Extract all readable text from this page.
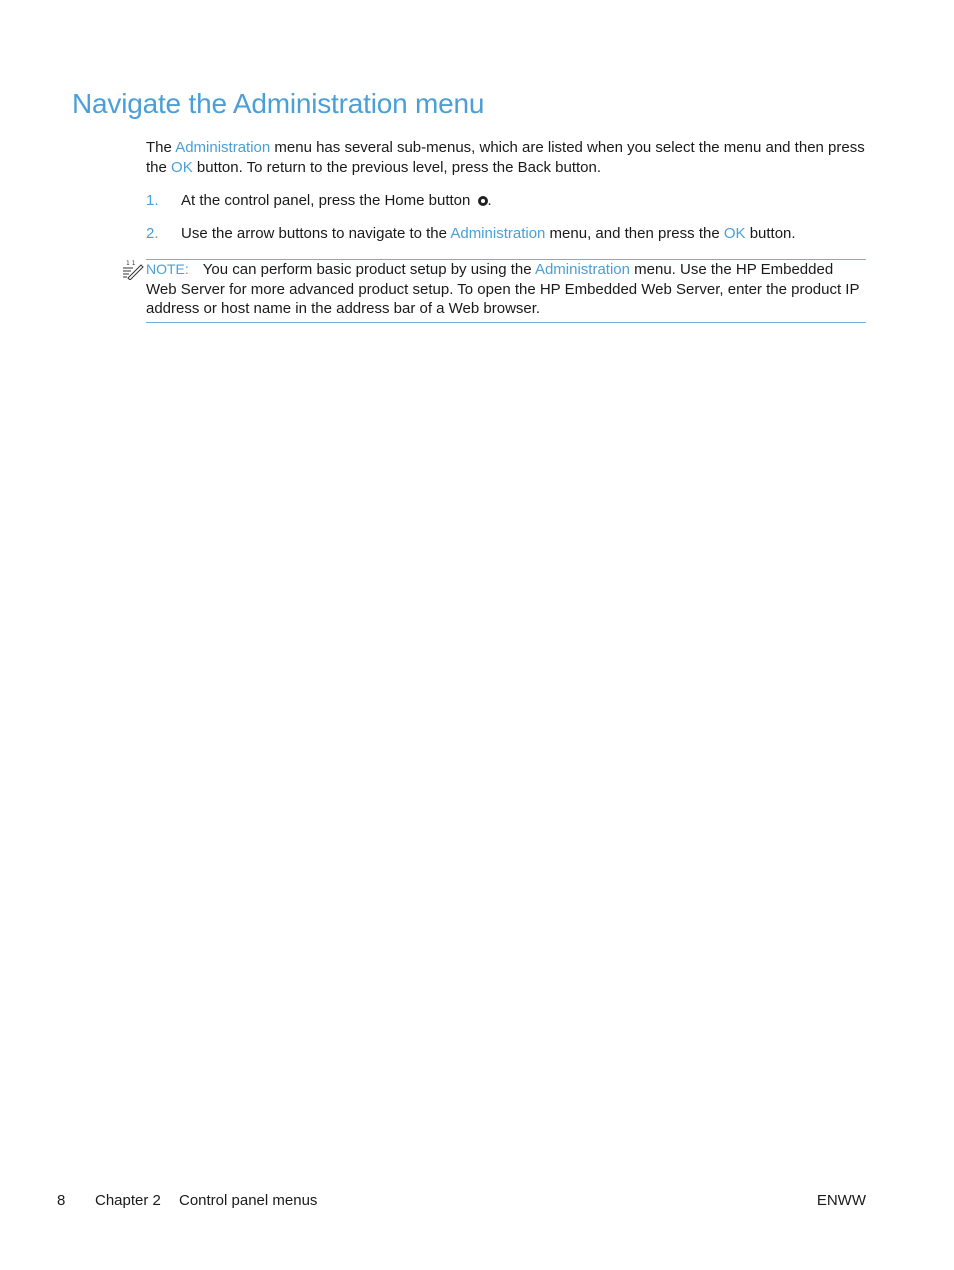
Navigate the Administration menu

The Administration menu has several sub-menus, which are listed when you select the menu and then press the OK button. To return to the previous level, press the Back button.

1. At the control panel, press the Home button .
2. Use the arrow buttons to navigate to the Administration menu, and then press the OK button.
1 1 NOTE: You can perform basic product setup by using the Administration menu. Use the HP Embedded Web Server for more advanced product setup. To open the HP Embedded Web Server, enter the product IP address or host name in the address bar of a Web browser.
8 Chapter 2 Control panel menus	ENWW
